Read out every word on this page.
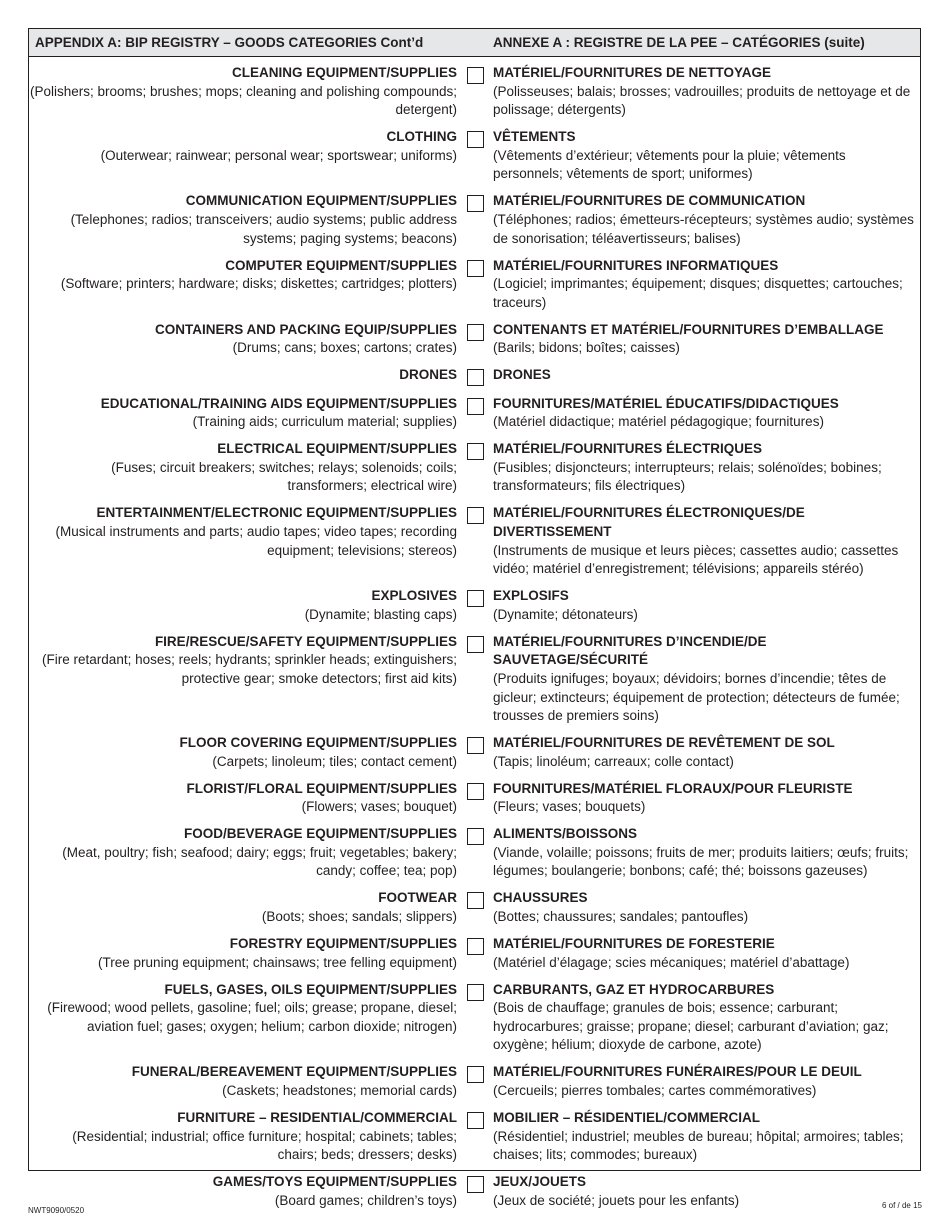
APPENDIX A: BIP REGISTRY – GOODS CATEGORIES Cont’d	ANNEXE A : REGISTRE DE LA PEE – CATÉGORIES (suite)
CLEANING EQUIPMENT/SUPPLIES
(Polishers; brooms; brushes; mops; cleaning and polishing compounds; detergent)
MATÉRIEL/FOURNITURES DE NETTOYAGE
(Polisseuses; balais; brosses; vadrouilles; produits de nettoyage et de polissage; détergents)
CLOTHING
(Outerwear; rainwear; personal wear; sportswear; uniforms)
VÊTEMENTS
(Vêtements d’extérieur; vêtements pour la pluie; vêtements personnels; vêtements de sport; uniformes)
COMMUNICATION EQUIPMENT/SUPPLIES
(Telephones; radios; transceivers; audio systems; public address systems; paging systems; beacons)
MATÉRIEL/FOURNITURES DE COMMUNICATION
(Téléphones; radios; émetteurs-récepteurs; systèmes audio; systèmes de sonorisation; téléavertisseurs; balises)
COMPUTER EQUIPMENT/SUPPLIES
(Software; printers; hardware; disks; diskettes; cartridges; plotters)
MATÉRIEL/FOURNITURES INFORMATIQUES
(Logiciel; imprimantes; équipement; disques; disquettes; cartouches; traceurs)
CONTAINERS AND PACKING EQUIP/SUPPLIES
(Drums; cans; boxes; cartons; crates)
CONTENANTS ET MATÉRIEL/FOURNITURES D’EMBALLAGE
(Barils; bidons; boîtes; caisses)
DRONES	DRONES
EDUCATIONAL/TRAINING AIDS EQUIPMENT/SUPPLIES
(Training aids; curriculum material; supplies)
FOURNITURES/MATÉRIEL ÉDUCATIFS/DIDACTIQUES
(Matériel didactique; matériel pédagogique; fournitures)
ELECTRICAL EQUIPMENT/SUPPLIES
(Fuses; circuit breakers; switches; relays; solenoids; coils; transformers; electrical wire)
MATÉRIEL/FOURNITURES ÉLECTRIQUES
(Fusibles; disjoncteurs; interrupteurs; relais; solénoïdes; bobines; transformateurs; fils électriques)
ENTERTAINMENT/ELECTRONIC EQUIPMENT/SUPPLIES
(Musical instruments and parts; audio tapes; video tapes; recording equipment; televisions; stereos)
MATÉRIEL/FOURNITURES ÉLECTRONIQUES/DE DIVERTISSEMENT
(Instruments de musique et leurs pièces; cassettes audio; cassettes vidéo; matériel d’enregistrement; télévisions; appareils stéréo)
EXPLOSIVES
(Dynamite; blasting caps)
EXPLOSIFS
(Dynamite; détonateurs)
FIRE/RESCUE/SAFETY EQUIPMENT/SUPPLIES
(Fire retardant; hoses; reels; hydrants; sprinkler heads; extinguishers; protective gear; smoke detectors; first aid kits)
MATÉRIEL/FOURNITURES D’INCENDIE/DE SAUVETAGE/SÉCURITÉ
(Produits ignifuges; boyaux; dévidoirs; bornes d’incendie; têtes de gicleur; extincteurs; équipement de protection; détecteurs de fumée; trousses de premiers soins)
FLOOR COVERING EQUIPMENT/SUPPLIES
(Carpets; linoleum; tiles; contact cement)
MATÉRIEL/FOURNITURES DE REVÊTEMENT DE SOL
(Tapis; linoléum; carreaux; colle contact)
FLORIST/FLORAL EQUIPMENT/SUPPLIES
(Flowers; vases; bouquet)
FOURNITURES/MATÉRIEL FLORAUX/POUR FLEURISTE
(Fleurs; vases; bouquets)
FOOD/BEVERAGE EQUIPMENT/SUPPLIES
(Meat, poultry; fish; seafood; dairy; eggs; fruit; vegetables; bakery; candy; coffee; tea; pop)
ALIMENTS/BOISSONS
(Viande, volaille; poissons; fruits de mer; produits laitiers; œufs; fruits; légumes; boulangerie; bonbons; café; thé; boissons gazeuses)
FOOTWEAR
(Boots; shoes; sandals; slippers)
CHAUSSURES
(Bottes; chaussures; sandales; pantoufles)
FORESTRY EQUIPMENT/SUPPLIES
(Tree pruning equipment; chainsaws; tree felling equipment)
MATÉRIEL/FOURNITURES DE FORESTERIE
(Matériel d’élagage; scies mécaniques; matériel d’abattage)
FUELS, GASES, OILS EQUIPMENT/SUPPLIES
(Firewood; wood pellets, gasoline; fuel; oils; grease; propane, diesel; aviation fuel; gases; oxygen; helium; carbon dioxide; nitrogen)
CARBURANTS, GAZ ET HYDROCARBURES
(Bois de chauffage; granules de bois; essence; carburant; hydrocarbures; graisse; propane; diesel; carburant d’aviation; gaz; oxygène; hélium; dioxyde de carbone, azote)
FUNERAL/BEREAVEMENT EQUIPMENT/SUPPLIES
(Caskets; headstones; memorial cards)
MATÉRIEL/FOURNITURES FUNÉRAIRES/POUR LE DEUIL
(Cercueils; pierres tombales; cartes commémoratives)
FURNITURE – RESIDENTIAL/COMMERCIAL
(Residential; industrial; office furniture; hospital; cabinets; tables; chairs; beds; dressers; desks)
MOBILIER – RÉSIDENTIEL/COMMERCIAL
(Résidentiel; industriel; meubles de bureau; hôpital; armoires; tables; chaises; lits; commodes; bureaux)
GAMES/TOYS EQUIPMENT/SUPPLIES
(Board games; children’s toys)
JEUX/JOUETS
(Jeux de société; jouets pour les enfants)
NWT9090/0520
6 of / de 15
